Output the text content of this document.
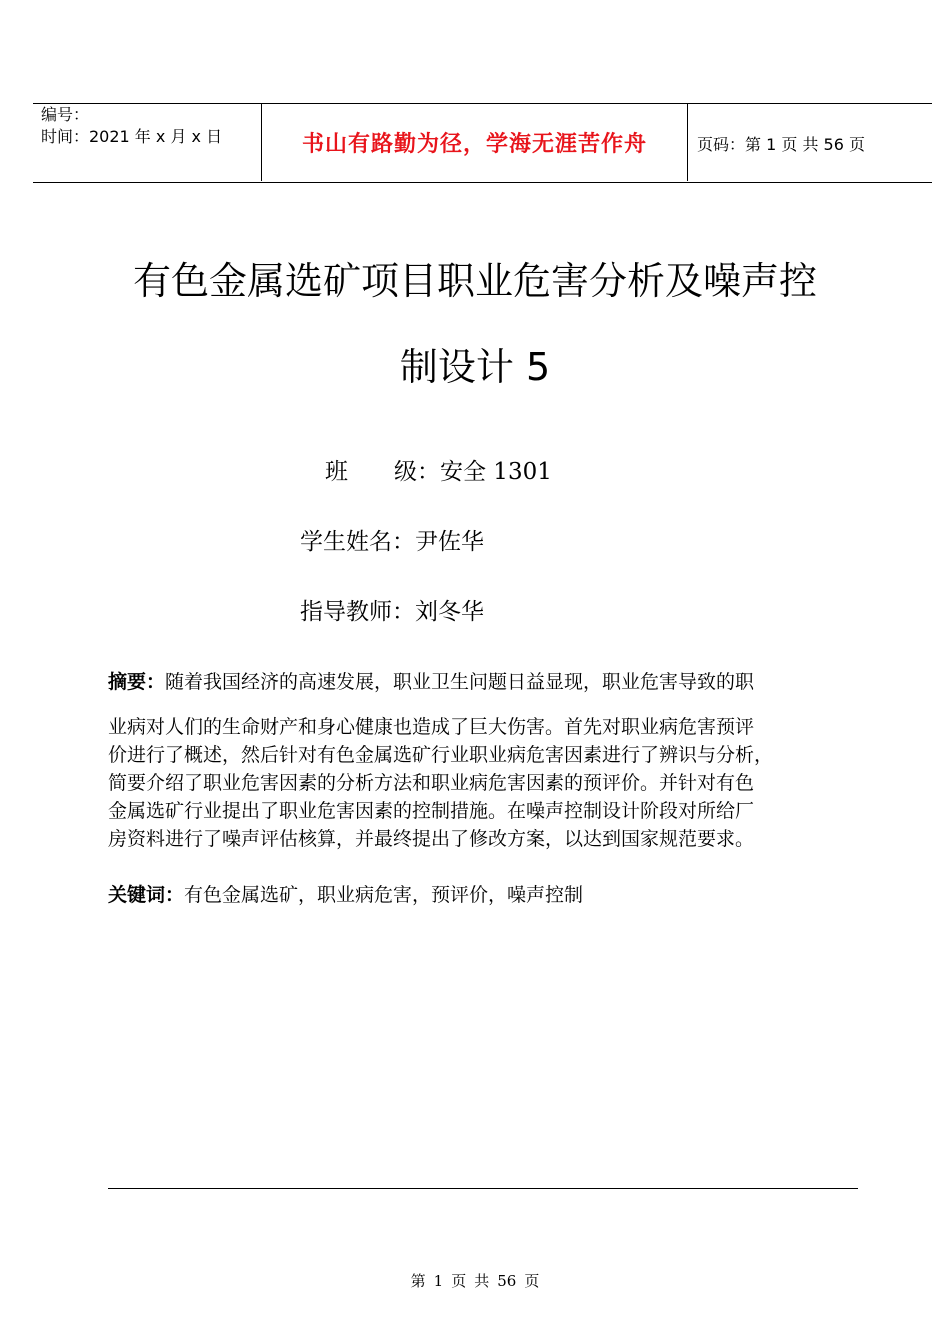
编号：
时间：2021 年 x 月 x 日	书山有路勤为径，学海无涯苦作舟	页码：第 1 页 共 56 页
有色金属选矿项目职业危害分析及噪声控
制设计 5
班　　级：安全 1301
学生姓名：尹佐华
指导教师：刘冬华
摘要：随着我国经济的高速发展，职业卫生问题日益显现，职业危害导致的职
业病对人们的生命财产和身心健康也造成了巨大伤害。首先对职业病危害预评
价进行了概述，然后针对有色金属选矿行业职业病危害因素进行了辨识与分析，
简要介绍了职业危害因素的分析方法和职业病危害因素的预评价。并针对有色
金属选矿行业提出了职业危害因素的控制措施。在噪声控制设计阶段对所给厂
房资料进行了噪声评估核算，并最终提出了修改方案，以达到国家规范要求。
关键词：有色金属选矿，职业病危害，预评价，噪声控制
第 1 页 共 56 页
